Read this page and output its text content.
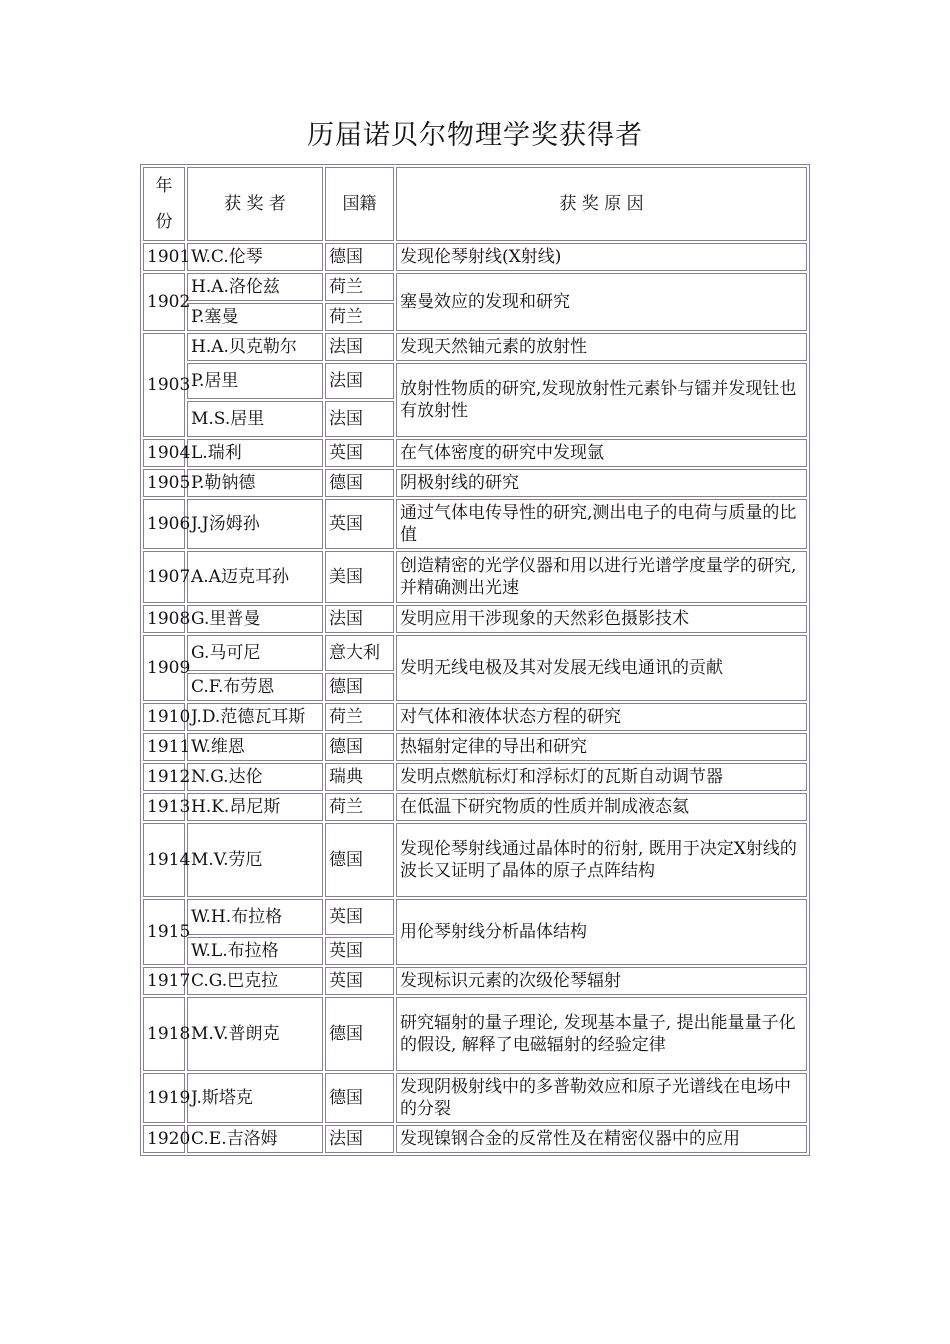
历届诺贝尔物理学奖获得者
年
份	获 奖 者	国籍	获 奖 原 因
1901	W.C.伦琴	德国	发现伦琴射线(X射线)
1902	H.A.洛伦兹	荷兰	塞曼效应的发现和研究
	P.塞曼	荷兰	
1903	H.A.贝克勒尔	法国	发现天然铀元素的放射性
	P.居里	法国	放射性物质的研究,发现放射性元素钋与镭并发现钍也有放射性
	M.S.居里	法国	
1904	L.瑞利	英国	在气体密度的研究中发现氩
1905	P.勒钠德	德国	阴极射线的研究
1906	J.J汤姆孙	英国	通过气体电传导性的研究,测出电子的电荷与质量的比值
1907	A.A迈克耳孙	美国	创造精密的光学仪器和用以进行光谱学度量学的研究, 并精确测出光速
1908	G.里普曼	法国	发明应用干涉现象的天然彩色摄影技术
1909	G.马可尼	意大利	发明无线电极及其对发展无线电通讯的贡献
	C.F.布劳恩	德国	
1910	J.D.范德瓦耳斯	荷兰	对气体和液体状态方程的研究
1911	W.维恩	德国	热辐射定律的导出和研究
1912	N.G.达伦	瑞典	发明点燃航标灯和浮标灯的瓦斯自动调节器
1913	H.K.昂尼斯	荷兰	在低温下研究物质的性质并制成液态氦
1914	M.V.劳厄	德国	发现伦琴射线通过晶体时的衍射, 既用于决定X射线的波长又证明了晶体的原子点阵结构
1915	W.H.布拉格	英国	用伦琴射线分析晶体结构
	W.L.布拉格	英国	
1917	C.G.巴克拉	英国	发现标识元素的次级伦琴辐射
1918	M.V.普朗克	德国	研究辐射的量子理论, 发现基本量子, 提出能量量子化的假设, 解释了电磁辐射的经验定律
1919	J.斯塔克	德国	发现阴极射线中的多普勒效应和原子光谱线在电场中的分裂
1920	C.E.吉洛姆	法国	发现镍钢合金的反常性及在精密仪器中的应用
